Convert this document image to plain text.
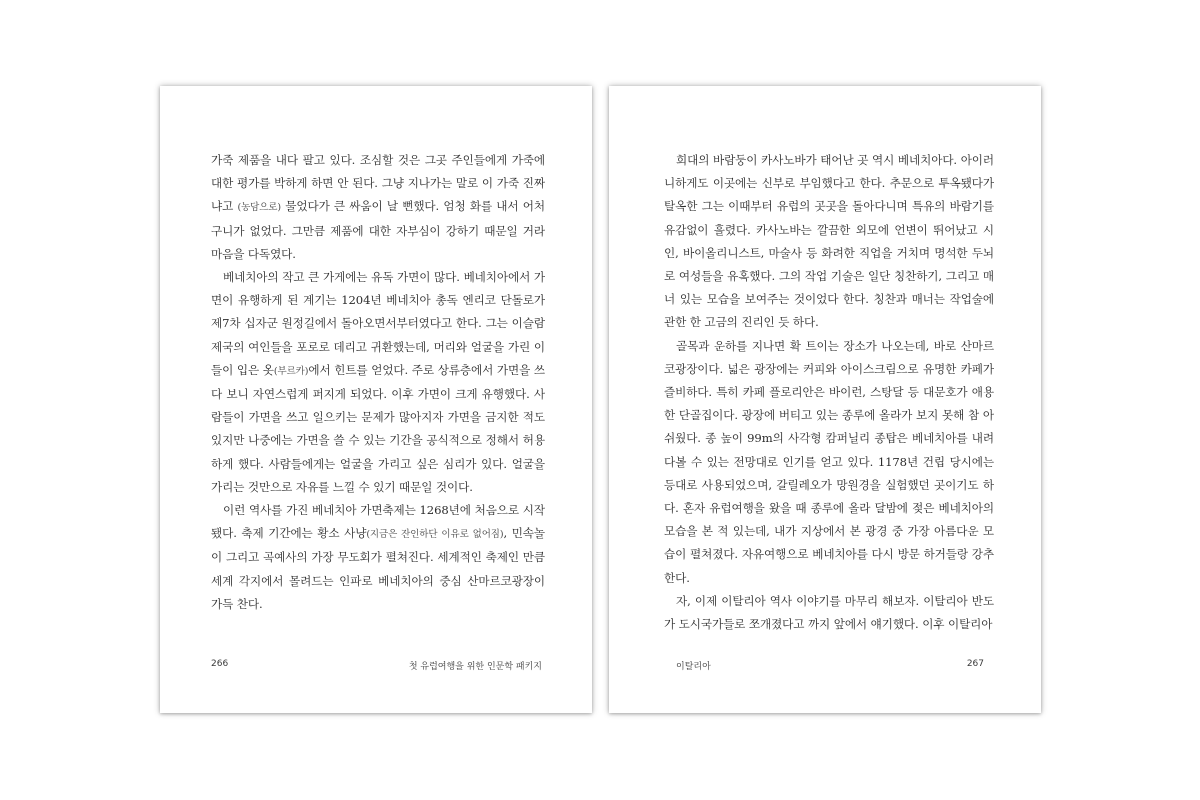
가죽 제품을 내다 팔고 있다. 조심할 것은 그곳 주인들에게 가죽에 대한 평가를 박하게 하면 안 된다. 그냥 지나가는 말로 이 가죽 진짜냐고 (농담으로) 물었다가 큰 싸움이 날 뻔했다. 엄청 화를 내서 어처구니가 없었다. 그만큼 제품에 대한 자부심이 강하기 때문일 거라 마음을 다독였다.

베네치아의 작고 큰 가게에는 유독 가면이 많다. 베네치아에서 가면이 유행하게 된 계기는 1204년 베네치아 총독 엔리코 단돌로가 제7차 십자군 원정길에서 돌아오면서부터였다고 한다. 그는 이슬람제국의 여인들을 포로로 데리고 귀환했는데, 머리와 얼굴을 가린 이들이 입은 옷(부르카)에서 힌트를 얻었다. 주로 상류층에서 가면을 쓰다 보니 자연스럽게 퍼지게 되었다. 이후 가면이 크게 유행했다. 사람들이 가면을 쓰고 일으키는 문제가 많아지자 가면을 금지한 적도 있지만 나중에는 가면을 쓸 수 있는 기간을 공식적으로 정해서 허용하게 했다. 사람들에게는 얼굴을 가리고 싶은 심리가 있다. 얼굴을 가리는 것만으로 자유를 느낄 수 있기 때문일 것이다.

이런 역사를 가진 베네치아 가면축제는 1268년에 처음으로 시작됐다. 축제 기간에는 황소 사냥(지금은 잔인하단 이유로 없어짐), 민속놀이 그리고 곡예사의 가장 무도회가 펼쳐진다. 세계적인 축제인 만큼 세계 각지에서 몰려드는 인파로 베네치아의 중심 산마르코광장이 가득 찬다.

266	첫 유럽여행을 위한 인문학 패키지

희대의 바람둥이 카사노바가 태어난 곳 역시 베네치아다. 아이러니하게도 이곳에는 신부로 부임했다고 한다. 추문으로 투옥됐다가 탈옥한 그는 이때부터 유럽의 곳곳을 돌아다니며 특유의 바람기를 유감없이 흘렸다. 카사노바는 깔끔한 외모에 언변이 뛰어났고 시인, 바이올리니스트, 마술사 등 화려한 직업을 거치며 명석한 두뇌로 여성들을 유혹했다. 그의 작업 기술은 일단 칭찬하기, 그리고 매너 있는 모습을 보여주는 것이었다 한다. 칭찬과 매너는 작업술에 관한 한 고금의 진리인 듯 하다.

골목과 운하를 지나면 확 트이는 장소가 나오는데, 바로 산마르코광장이다. 넓은 광장에는 커피와 아이스크림으로 유명한 카페가 즐비하다. 특히 카페 플로리안은 바이런, 스탕달 등 대문호가 애용한 단골집이다. 광장에 버티고 있는 종루에 올라가 보지 못해 참 아쉬웠다. 종 높이 99m의 사각형 캄퍼닐리 종탑은 베네치아를 내려다볼 수 있는 전망대로 인기를 얻고 있다. 1178년 건립 당시에는 등대로 사용되었으며, 갈릴레오가 망원경을 실험했던 곳이기도 하다. 혼자 유럽여행을 왔을 때 종루에 올라 달밤에 젖은 베네치아의 모습을 본 적 있는데, 내가 지상에서 본 광경 중 가장 아름다운 모습이 펼쳐졌다. 자유여행으로 베네치아를 다시 방문 하거들랑 강추한다.

자, 이제 이탈리아 역사 이야기를 마무리 해보자. 이탈리아 반도가 도시국가들로 쪼개졌다고 까지 앞에서 얘기했다. 이후 이탈리아

이탈리아	267
